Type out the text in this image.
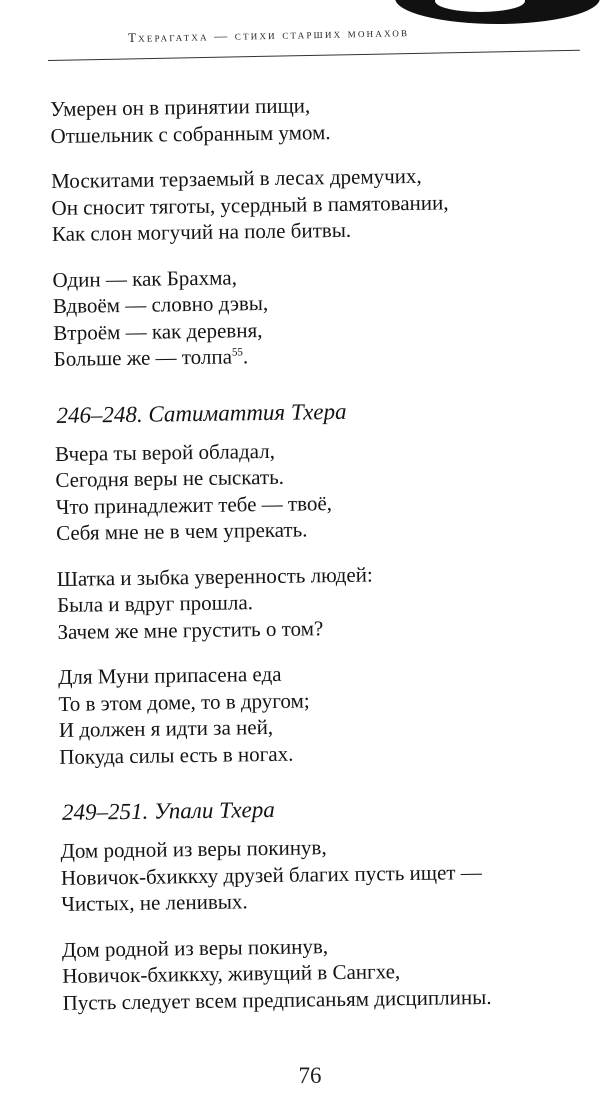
Тхерагатха — стихи старших монахов
Умерен он в принятии пищи,
Отшельник с собранным умом.
Москитами терзаемый в лесах дремучих,
Он сносит тяготы, усердный в памятовании,
Как слон могучий на поле битвы.
Один — как Брахма,
Вдвоём — словно дэвы,
Втроём — как деревня,
Больше же — толпа$^{55}$.
246–248. Сатиматтия Тхера
Вчера ты верой обладал,
Сегодня веры не сыскать.
Что принадлежит тебе — твоё,
Себя мне не в чем упрекать.
Шатка и зыбка уверенность людей:
Была и вдруг прошла.
Зачем же мне грустить о том?
Для Муни припасена еда
То в этом доме, то в другом;
И должен я идти за ней,
Покуда силы есть в ногах.
249–251. Упали Тхера
Дом родной из веры покинув,
Новичок-бхиккху друзей благих пусть ищет —
Чистых, не ленивых.
Дом родной из веры покинув,
Новичок-бхиккху, живущий в Сангхе,
Пусть следует всем предписаньям дисциплины.
76
